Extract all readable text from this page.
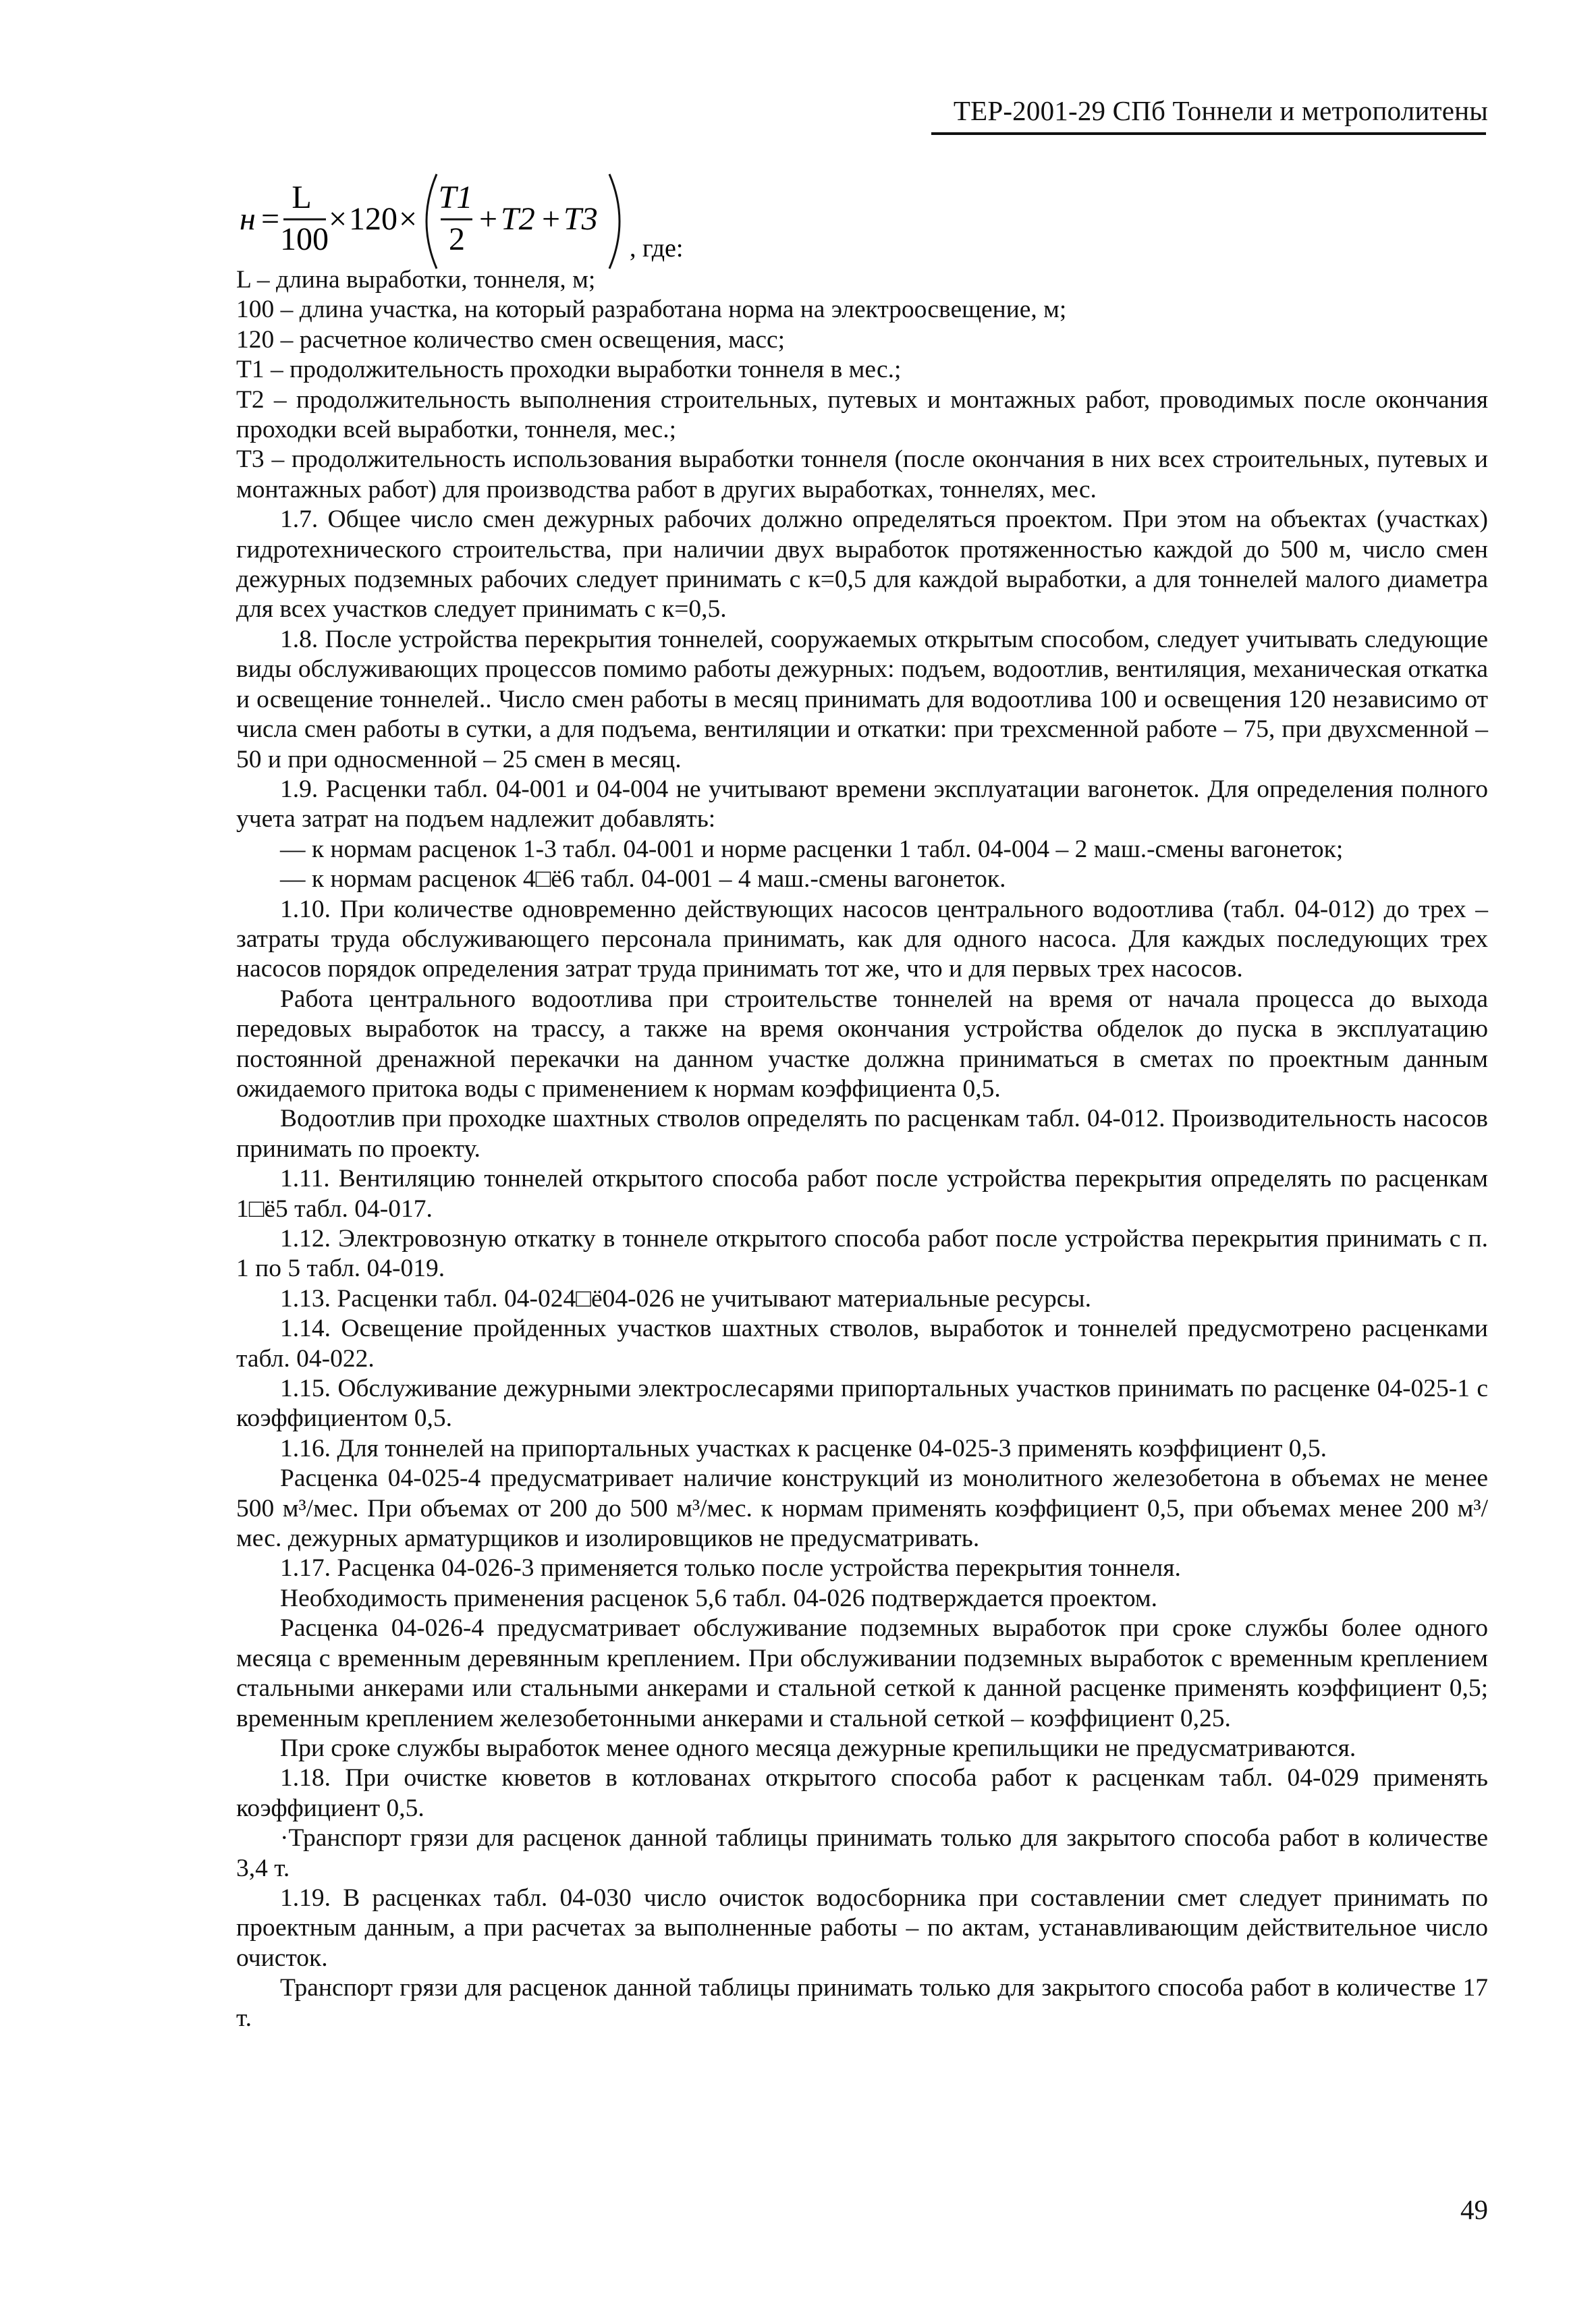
ТЕР-2001-29 СПб Тоннели и метрополитены
н =
L
100
× 120 ×
T1
2
+ T2 + T3
, где:
L – длина выработки, тоннеля, м;
100 – длина участка, на который разработана норма на электроосвещение, м;
120 – расчетное количество смен освещения, масс;
T1 – продолжительность проходки выработки тоннеля в мес.;

T2 – продолжительность выполнения строительных, путевых и монтажных работ, проводимых после окончания проходки всей выработки, тоннеля, мес.;

T3 – продолжительность использования выработки тоннеля (после окончания в них всех строительных, путевых и монтажных работ) для производства работ в других выработках, тоннелях, мес.

1.7. Общее число смен дежурных рабочих должно определяться проектом. При этом на объектах (участках) гидротехнического строительства, при наличии двух выработок протяженностью каждой до 500 м, число смен дежурных подземных рабочих следует принимать с к=0,5 для каждой выработки, а для тоннелей малого диаметра для всех участков следует принимать с к=0,5.

1.8. После устройства перекрытия тоннелей, сооружаемых открытым способом, следует учитывать следующие виды обслуживающих процессов помимо работы дежурных: подъем, водоотлив, вентиляция, механическая откатка и освещение тоннелей.. Число смен работы в месяц принимать для водоотлива 100 и освещения 120 независимо от числа смен работы в сутки, а для подъема, вентиляции и откатки: при трехсменной работе – 75, при двухсменной – 50 и при односменной – 25 смен в месяц.

1.9. Расценки табл. 04-001 и 04-004 не учитывают времени эксплуатации вагонеток. Для определения полного учета затрат на подъем надлежит добавлять:

— к нормам расценок 1-3 табл. 04-001 и норме расценки 1 табл. 04-004 – 2 маш.-смены вагонеток;

— к нормам расценок 4□ё6 табл. 04-001 – 4 маш.-смены вагонеток.

1.10. При количестве одновременно действующих насосов центрального водоотлива (табл. 04-012) до трех – затраты труда обслуживающего персонала принимать, как для одного насоса. Для каждых последующих трех насосов порядок определения затрат труда принимать тот же, что и для первых трех насосов.

Работа центрального водоотлива при строительстве тоннелей на время от начала процесса до выхода передовых выработок на трассу, а также на время окончания устройства обделок до пуска в эксплуатацию постоянной дренажной перекачки на данном участке должна приниматься в сметах по проектным данным ожидаемого притока воды с применением к нормам коэффициента 0,5.

Водоотлив при проходке шахтных стволов определять по расценкам табл. 04-012. Производительность насосов принимать по проекту.

1.11. Вентиляцию тоннелей открытого способа работ после устройства перекрытия определять по расценкам 1□ё5 табл. 04-017.

1.12. Электровозную откатку в тоннеле открытого способа работ после устройства перекрытия принимать с п. 1 по 5 табл. 04-019.

1.13. Расценки табл. 04-024□ё04-026 не учитывают материальные ресурсы.

1.14. Освещение пройденных участков шахтных стволов, выработок и тоннелей предусмотрено расценками табл. 04-022.

1.15. Обслуживание дежурными электрослесарями припортальных участков принимать по расценке 04-025-1 с коэффициентом 0,5.

1.16. Для тоннелей на припортальных участках к расценке 04-025-3 применять коэффициент 0,5.

Расценка 04-025-4 предусматривает наличие конструкций из монолитного железобетона в объемах не менее 500 м³/мес. При объемах от 200 до 500 м³/мес. к нормам применять коэффициент 0,5, при объемах менее 200 м³/мес. дежурных арматурщиков и изолировщиков не предусматривать.

1.17. Расценка 04-026-3 применяется только после устройства перекрытия тоннеля.

Необходимость применения расценок 5,6 табл. 04-026 подтверждается проектом.

Расценка 04-026-4 предусматривает обслуживание подземных выработок при сроке службы более одного месяца с временным деревянным креплением. При обслуживании подземных выработок с временным креплением стальными анкерами или стальными анкерами и стальной сеткой к данной расценке применять коэффициент 0,5; временным креплением железобетонными анкерами и стальной сеткой – коэффициент 0,25.

При сроке службы выработок менее одного месяца дежурные крепильщики не предусматриваются.

1.18. При очистке кюветов в котлованах открытого способа работ к расценкам табл. 04-029 применять коэффициент 0,5.

·Транспорт грязи для расценок данной таблицы принимать только для закрытого способа работ в количестве 3,4 т.

1.19. В расценках табл. 04-030 число очисток водосборника при составлении смет следует принимать по проектным данным, а при расчетах за выполненные работы – по актам, устанавливающим действительное число очисток.

Транспорт грязи для расценок данной таблицы принимать только для закрытого способа работ в количестве 17 т.

49
